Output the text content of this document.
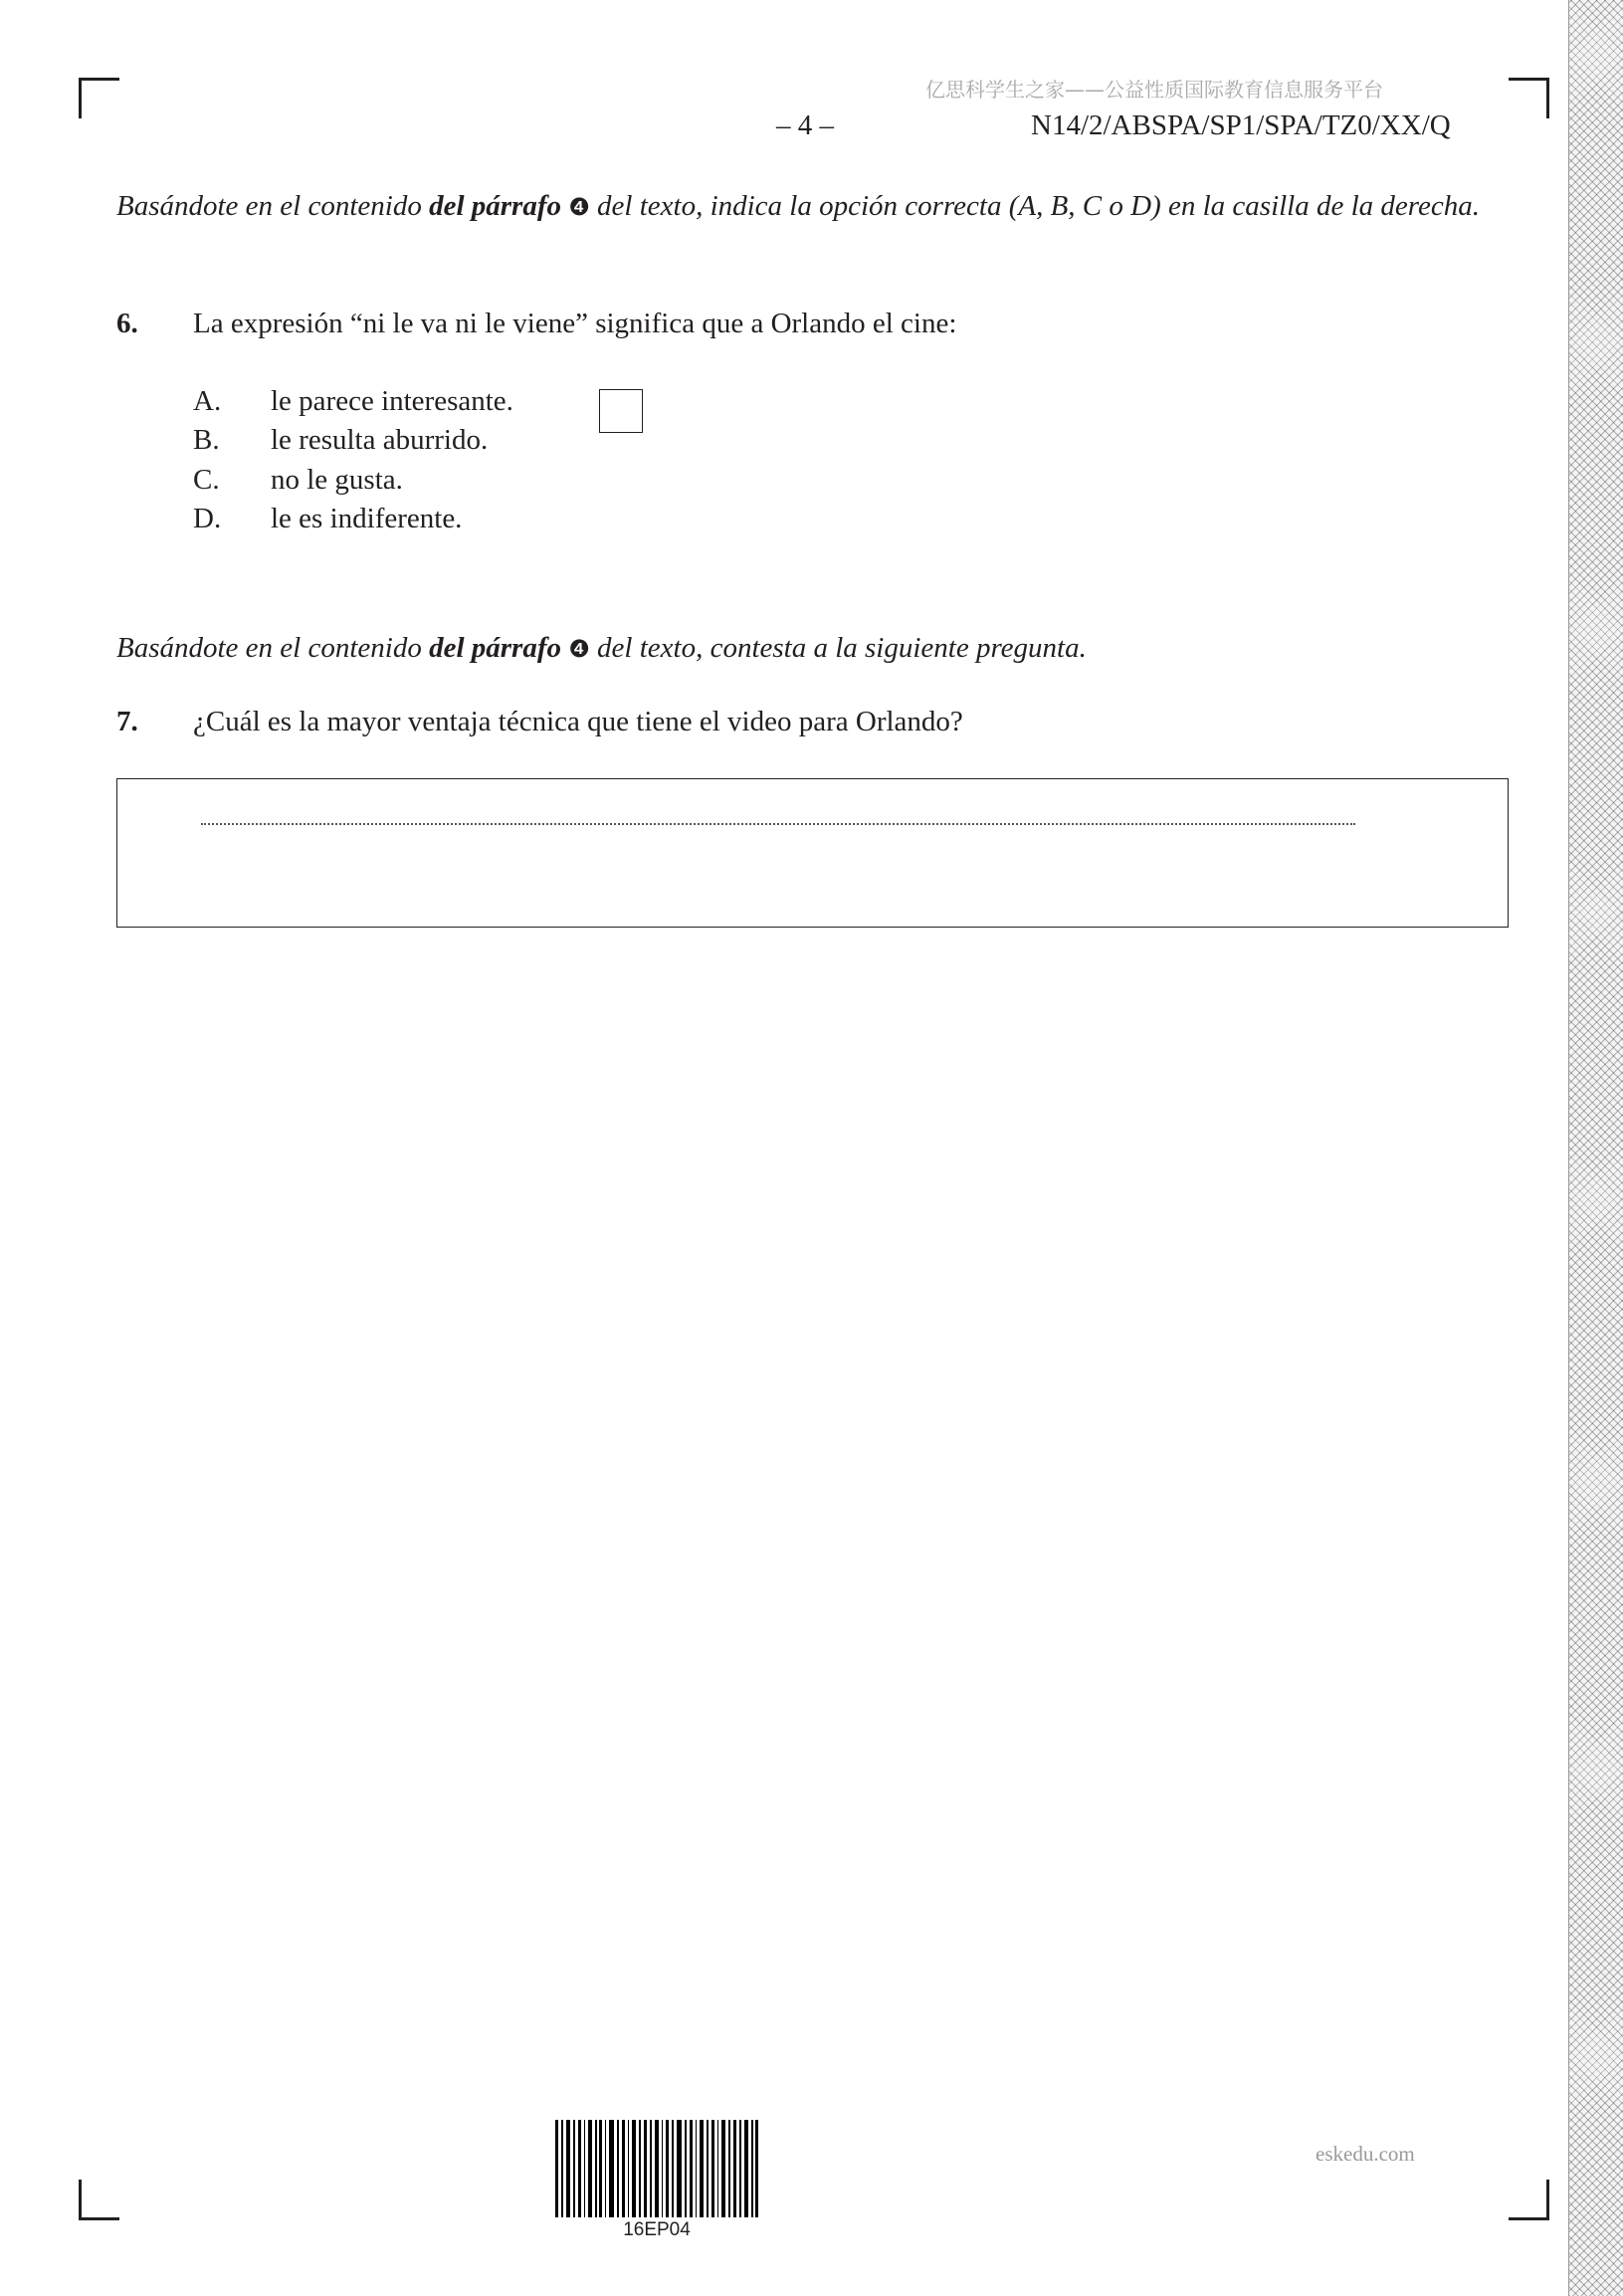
亿思科学生之家——公益性质国际教育信息服务平台
– 4 –	N14/2/ABSPA/SP1/SPA/TZ0/XX/Q
Basándote en el contenido del párrafo ❹ del texto, indica la opción correcta (A, B, C o D) en la casilla de la derecha.
6. La expresión “ni le va ni le viene” significa que a Orlando el cine:
A. le parece interesante.
B. le resulta aburrido.
C. no le gusta.
D. le es indiferente.
Basándote en el contenido del párrafo ❹ del texto, contesta a la siguiente pregunta.
7. ¿Cuál es la mayor ventaja técnica que tiene el video para Orlando?
16EP04
eskedu.com
